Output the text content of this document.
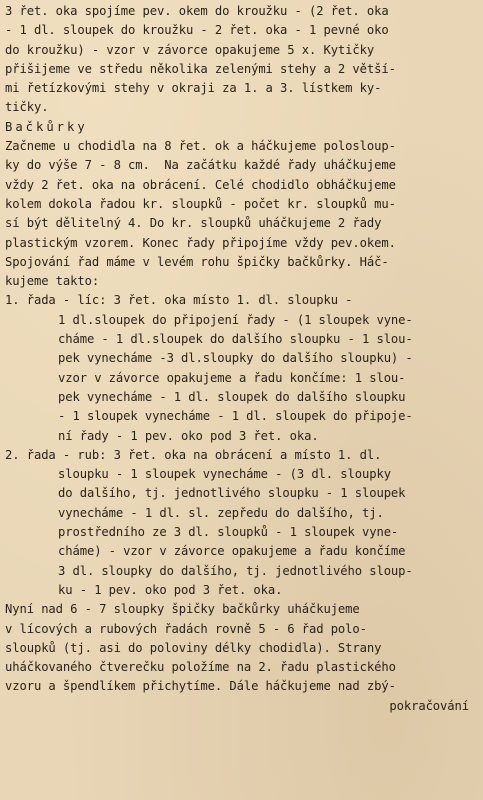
3 řet. oka spojíme pev. okem do kroužku - (2 řet. oka
- 1 dl. sloupek do kroužku - 2 řet. oka - 1 pevné oko
do kroužku) - vzor v závorce opakujeme 5 x. Kytičky
přišijeme ve středu několika zelenými stehy a 2 větší-
mi řetízkovými stehy v okraji za 1. a 3. lístkem ky-
tičky.
Bačkůrky
Začneme u chodidla na 8 řet. ok a háčkujeme polosloup-
ky do výše 7 - 8 cm.  Na začátku každé řady uháčkujeme
vždy 2 řet. oka na obrácení. Celé chodidlo obháčkujeme
kolem dokola řadou kr. sloupků - počet kr. sloupků mu-
sí být dělitelný 4. Do kr. sloupků uháčkujeme 2 řady
plastickým vzorem. Konec řady připojíme vždy pev.okem.
Spojování řad máme v levém rohu špičky bačkůrky. Háč-
kujeme takto:
1. řada - líc: 3 řet. oka místo 1. dl. sloupku -
1 dl.sloupek do připojení řady - (1 sloupek vyne-
cháme - 1 dl.sloupek do dalšího sloupku - 1 slou-
pek vynecháme -3 dl.sloupky do dalšího sloupku) -
vzor v závorce opakujeme a řadu končíme: 1 slou-
pek vynecháme - 1 dl. sloupek do dalšího sloupku
- 1 sloupek vynecháme - 1 dl. sloupek do připoje-
ní řady - 1 pev. oko pod 3 řet. oka.
2. řada - rub: 3 řet. oka na obrácení a místo 1. dl.
sloupku - 1 sloupek vynecháme - (3 dl. sloupky
do dalšího, tj. jednotlivého sloupku - 1 sloupek
vynecháme - 1 dl. sl. zepředu do dalšího, tj.
prostředního ze 3 dl. sloupků - 1 sloupek vyne-
cháme) - vzor v závorce opakujeme a řadu končíme
3 dl. sloupky do dalšího, tj. jednotlivého sloup-
ku - 1 pev. oko pod 3 řet. oka.
Nyní nad 6 - 7 sloupky špičky bačkůrky uháčkujeme
v lícových a rubových řadách rovně 5 - 6 řad polo-
sloupků (tj. asi do poloviny délky chodidla). Strany
uháčkovaného čtverečku položíme na 2. řadu plastického
vzoru a špendlíkem přichytíme. Dále háčkujeme nad zbý-
pokračování
